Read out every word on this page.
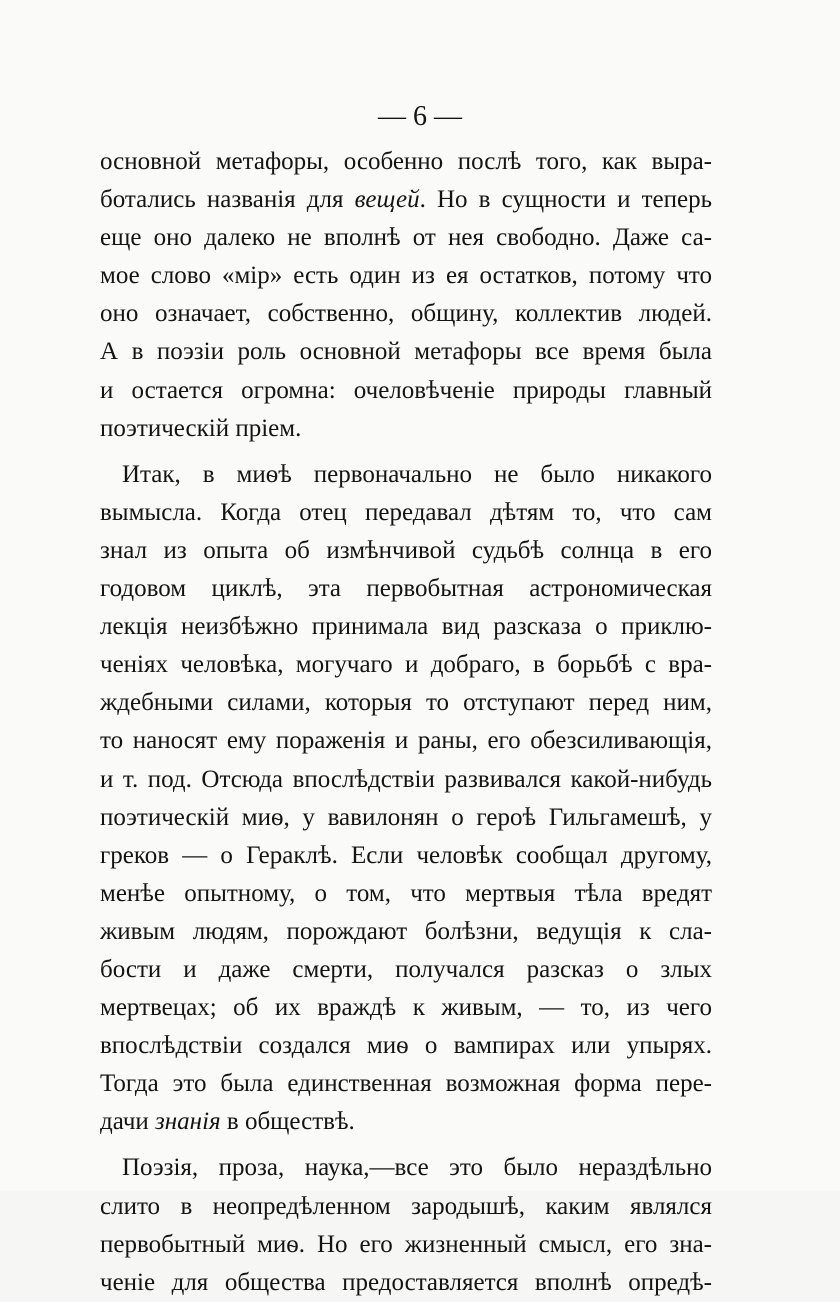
— 6 —
основной метафоры, особенно послѣ того, как выра-
ботались названія для вещей. Но в сущности и теперь
еще оно далеко не вполнѣ от нея свободно. Даже са-
мое слово «мір» есть один из ея остатков, потому что
оно означает, собственно, общину, коллектив людей.
А в поэзіи роль основной метафоры все время была
и остается огромна: очеловѣченіе природы главный
поэтическій пріем.
Итак, в миѳѣ первоначально не было никакого
вымысла. Когда отец передавал дѣтям то, что сам
знал из опыта об измѣнчивой судьбѣ солнца в его
годовом циклѣ, эта первобытная астрономическая
лекція неизбѣжно принимала вид разсказа о приклю-
ченіях человѣка, могучаго и добраго, в борьбѣ с вра-
ждебными силами, которыя то отступают перед ним,
то наносят ему пораженія и раны, его обезсиливающія,
и т. под. Отсюда впослѣдствіи развивался какой-нибудь
поэтическій миѳ, у вавилонян о героѣ Гильгамешѣ, у
греков — о Гераклѣ. Если человѣк сообщал другому,
менѣе опытному, о том, что мертвыя тѣла вредят
живым людям, порождают болѣзни, ведущія к сла-
бости и даже смерти, получался разсказ о злых
мертвецах; об их враждѣ к живым, — то, из чего
впослѣдствіи создался миѳ о вампирах или упырях.
Тогда это была единственная возможная форма пере-
дачи знанія в обществѣ.
Поэзія, проза, наука,—все это было нераздѣльно
слито в неопредѣленном зародышѣ, каким являлся
первобытный миѳ. Но его жизненный смысл, его зна-
ченіе для общества предоставляется вполнѣ опредѣ-
